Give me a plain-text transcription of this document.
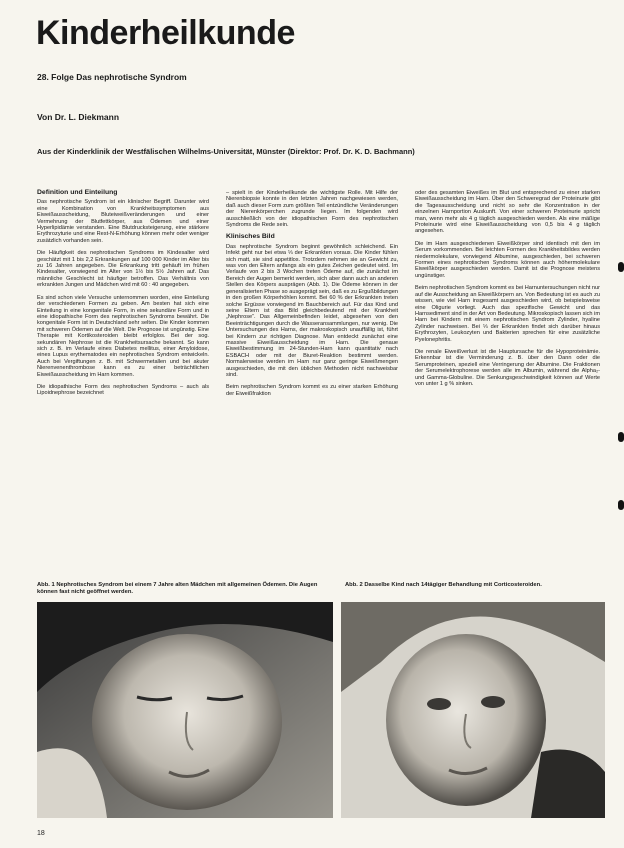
Kinderheilkunde
28. Folge Das nephrotische Syndrom
Von Dr. L. Diekmann
Aus der Kinderklinik der Westfälischen Wilhelms-Universität, Münster (Direktor: Prof. Dr. K. D. Bachmann)
Definition und Einteilung

Das nephrotische Syndrom ist ein klinischer Begriff. Darunter wird eine Kombination von Krankheitssymptomen aus Eiweißausscheidung, Bluteiweißveränderungen und einer Vermehrung der Blutfettkörper, aus Ödemen und einer Hyperlipidämie verstanden. Eine Blutdrucksteigerung, eine stärkere Erythrozyturie und eine Rest-N-Erhöhung können mehr oder weniger zusätzlich vorhanden sein.

Die Häufigkeit des nephrotischen Syndroms im Kindesalter wird geschätzt mit 1 bis 2,2 Erkrankungen auf 100 000 Kinder im Alter bis zu 16 Jahren angegeben. Die Erkrankung tritt gehäuft im frühen Kindesalter, vorwiegend im Alter von 1½ bis 5½ Jahren auf. Das männliche Geschlecht ist häufiger betroffen. Das Verhältnis von erkrankten Jungen und Mädchen wird mit 60 : 40 angegeben.

Es sind schon viele Versuche unternommen worden, eine Einteilung der verschiedenen Formen zu geben. Am besten hat sich eine Einteilung in eine kongenitale Form, in eine sekundäre Form und in eine idiopathische Form des nephrotischen Syndroms bewährt. Die kongenitale Form ist in Deutschland sehr selten. Die Kinder kommen mit schweren Ödemen auf die Welt. Die Prognose ist ungünstig. Eine Therapie mit Kortikosteroiden bleibt erfolglos. Bei der sog. sekundären Nephrose ist die Krankheitsursache bekannt. So kann sich z. B. im Verlaufe eines Diabetes mellitus, einer Amyloidose, eines Lupus erythematodes ein nephrotisches Syndrom entwickeln. Auch bei Vergiftungen z. B. mit Schwermetallen und bei akuter Nierenvenenthrombose kann es zu einer beträchtlichen Eiweißausscheidung im Harn kommen.

Die idiopathische Form des nephrotischen Syndroms – auch als Lipoidnephrose bezeichnet

– spielt in der Kinderheilkunde die wichtigste Rolle. Mit Hilfe der Nierenbiopsie konnte in den letzten Jahren nachgewiesen werden, daß auch dieser Form zum größten Teil entzündliche Veränderungen der Nierenkörperchen zugrunde liegen. Im folgenden wird ausschließlich von der idiopathischen Form des nephrotischen Syndroms die Rede sein.

Klinisches Bild

Das nephrotische Syndrom beginnt gewöhnlich schleichend. Ein Infekt geht nur bei etwa ⅓ der Erkrankten voraus. Die Kinder fühlen sich matt, sie sind appetitlos. Trotzdem nehmen sie an Gewicht zu, was von den Eltern anfangs als ein gutes Zeichen gedeutet wird. Im Verlaufe von 2 bis 3 Wochen treten Ödeme auf, die zunächst im Bereich der Augen bemerkt werden, sich aber dann auch an anderen Stellen des Körpers ausprägen (Abb. 1). Die Ödeme können in der generalisierten Phase so ausgeprägt sein, daß es zu Ergußbildungen in den großen Körperhöhlen kommt. Bei 60 % der Erkrankten treten solche Ergüsse vorwiegend im Bauchbereich auf. Für das Kind und seine Eltern ist das Bild gleichbedeutend mit der Krankheit „Nephrose“. Das Allgemeinbefinden leidet, abgesehen von den Beeinträchtigungen durch die Wasseransammlungen, nur wenig. Die Untersuchungen des Harns, der makroskopisch unauffällig ist, führt bei Kindern zur richtigen Diagnose. Man entdeckt zunächst eine massive Eiweißausscheidung im Harn. Die genaue Eiweißbestimmung im 24-Stunden-Harn kann quantitativ nach ESBACH oder mit der Biuret-Reaktion bestimmt werden. Normalerweise werden im Harn nur ganz geringe Eiweißmengen ausgeschieden, die mit den üblichen Methoden nicht nachweisbar sind.

Beim nephrotischen Syndrom kommt es zu einer starken Erhöhung der Eiweißfraktion

oder des gesamten Eiweißes im Blut und entsprechend zu einer starken Eiweißausscheidung im Harn. Über den Schweregrad der Proteinurie gibt die Tagesausscheidung und nicht so sehr die Konzentration in der einzelnen Harnportion Auskunft. Von einer schweren Proteinurie spricht man, wenn mehr als 4 g täglich ausgeschieden werden. Als eine mäßige Proteinurie wird eine Eiweißausscheidung von 0,5 bis 4 g täglich angesehen.

Die im Harn ausgeschiedenen Eiweißkörper sind identisch mit den im Serum vorkommenden. Bei leichten Formen des Krankheitsbildes werden niedermolekulare, vorwiegend Albumine, ausgeschieden, bei schweren Formen eines nephrotischen Syndroms können auch höhermolekulare Eiweißkörper ausgeschieden werden. Damit ist die Prognose meistens ungünstiger.

Beim nephrotischen Syndrom kommt es bei Harnuntersuchungen nicht nur auf die Ausscheidung an Eiweißkörpern an. Von Bedeutung ist es auch zu wissen, wie viel Harn insgesamt ausgeschieden wird, ob beispielsweise eine Oligurie vorliegt. Auch das spezifische Gewicht und das Harnsediment sind in der Art von Bedeutung. Mikroskopisch lassen sich im Harn bei Kindern mit einem nephrotischen Syndrom Zylinder, hyaline Zylinder nachweisen. Bei ⅓ der Erkrankten findet sich darüber hinaus Erythrozyten, Leukozyten und Bakterien sprechen für eine zusätzliche Pyelonephritis.

Die renale Eiweißverlust ist die Hauptursache für die Hypoproteinämie. Erkennbar ist die Verminderung z. B. über den Dann oder die Serumproteinen, speziell eine Verringerung der Albumine. Die Fraktionen der Serumelektrophorese werden alle im Albumin, während die Alpha₂- und Gamma-Globuline. Die Senkungsgeschwindigkeit können auf Werte von unter 1 g % sinken.

Abb. 1 Nephrotisches Syndrom bei einem 7 Jahre alten Mädchen mit allgemeinen Ödemen. Die Augen können fast nicht geöffnet werden.
Abb. 2 Dasselbe Kind nach 14tägiger Behandlung mit Corticosteroiden.
18
